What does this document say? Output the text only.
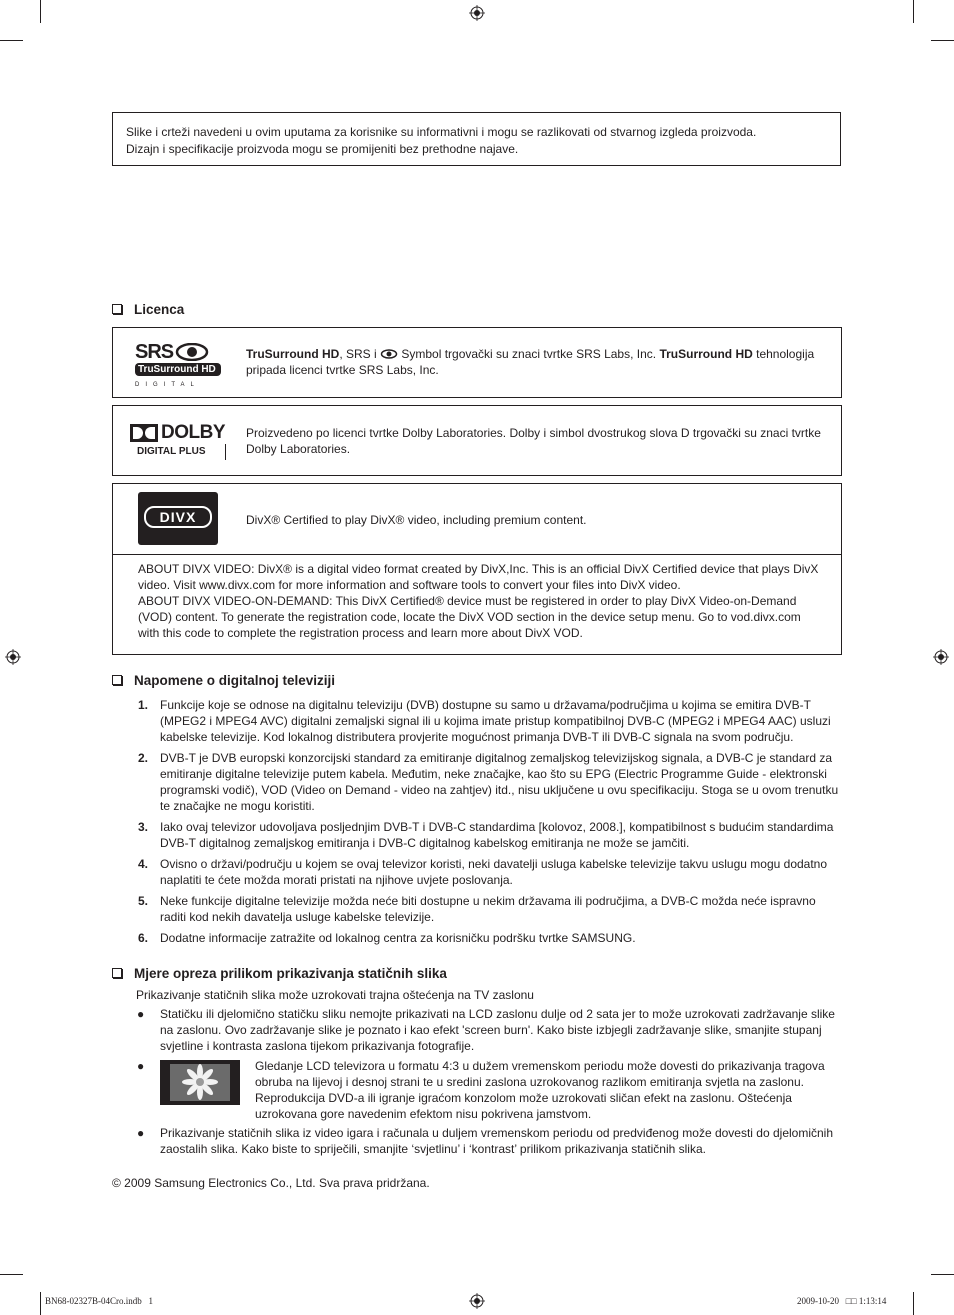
Slike i crteži navedeni u ovim uputama za korisnike su informativni i mogu se razlikovati od stvarnog izgleda proizvoda.
Dizajn i specifikacije proizvoda mogu se promijeniti bez prethodne najave.
Licenca
SRS
TruSurround HD
DIGITAL
TruSurround HD, SRS i  Symbol trgovački su znaci tvrtke SRS Labs, Inc. TruSurround HD tehnologija pripada licenci tvrtke SRS Labs, Inc.
DOLBY
DIGITAL PLUS
Proizvedeno po licenci tvrtke Dolby Laboratories. Dolby i simbol dvostrukog slova D trgovački su znaci tvrtke Dolby Laboratories.
DIVX	DivX® Certified to play DivX® video, including premium content.
ABOUT DIVX VIDEO: DivX® is a digital video format created by DivX,Inc. This is an official DivX Certified device that plays DivX video. Visit www.divx.com for more information and software tools to convert your files into DivX video.
ABOUT DIVX VIDEO-ON-DEMAND: This DivX Certified® device must be registered in order to play DivX Video-on-Demand (VOD) content. To generate the registration code, locate the DivX VOD section in the device setup menu. Go to vod.divx.com with this code to complete the registration process and learn more about DivX VOD.
Napomene o digitalnoj televiziji
1. Funkcije koje se odnose na digitalnu televiziju (DVB) dostupne su samo u državama/područjima u kojima se emitira DVB-T (MPEG2 i MPEG4 AVC) digitalni zemaljski signal ili u kojima imate pristup kompatibilnoj DVB-C (MPEG2 i MPEG4 AAC) usluzi kabelske televizije. Kod lokalnog distributera provjerite mogućnost primanja DVB-T ili DVB-C signala na svom području.
2. DVB-T je DVB europski konzorcijski standard za emitiranje digitalnog zemaljskog televizijskog signala, a DVB-C je standard za emitiranje digitalne televizije putem kabela. Međutim, neke značajke, kao što su EPG (Electric Programme Guide - elektronski programski vodič), VOD (Video on Demand - video na zahtjev) itd., nisu uključene u ovu specifikaciju. Stoga se u ovom trenutku te značajke ne mogu koristiti.
3. Iako ovaj televizor udovoljava posljednjim DVB-T i DVB-C standardima [kolovoz, 2008.], kompatibilnost s budućim standardima DVB-T digitalnog zemaljskog emitiranja i DVB-C digitalnog kabelskog emitiranja ne može se jamčiti.
4. Ovisno o državi/području u kojem se ovaj televizor koristi, neki davatelji usluga kabelske televizije takvu uslugu mogu dodatno naplatiti te ćete možda morati pristati na njihove uvjete poslovanja.
5. Neke funkcije digitalne televizije možda neće biti dostupne u nekim državama ili područjima, a DVB-C možda neće ispravno raditi kod nekih davatelja usluge kabelske televizije.
6. Dodatne informacije zatražite od lokalnog centra za korisničku podršku tvrtke SAMSUNG.
Mjere opreza prilikom prikazivanja statičnih slika
Prikazivanje statičnih slika može uzrokovati trajna oštećenja na TV zaslonu
●	Statičku ili djelomično statičku sliku nemojte prikazivati na LCD zaslonu dulje od 2 sata jer to može uzrokovati zadržavanje slike na zaslonu. Ovo zadržavanje slike je poznato i kao efekt 'screen burn'. Kako biste izbjegli zadržavanje slike, smanjite stupanj svjetline i kontrasta zaslona tijekom prikazivanja fotografije.
●	Gledanje LCD televizora u formatu 4:3 u dužem vremenskom periodu može dovesti do prikazivanja tragova obruba na lijevoj i desnoj strani te u sredini zaslona uzrokovanog razlikom emitiranja svjetla na zaslonu. Reprodukcija DVD-a ili igranje igraćom konzolom može uzrokovati sličan efekt na zaslonu. Oštećenja uzrokovana gore navedenim efektom nisu pokrivena jamstvom.
●	Prikazivanje statičnih slika iz video igara i računala u duljem vremenskom periodu od predviđenog može dovesti do djelomičnih zaostalih slika. Kako biste to spriječili, smanjite ‘svjetlinu’ i ‘kontrast’ prilikom prikazivanja statičnih slika.
© 2009 Samsung Electronics Co., Ltd. Sva prava pridržana.
BN68-02327B-04Cro.indb   1	2009-10-20   □□ 1:13:14
